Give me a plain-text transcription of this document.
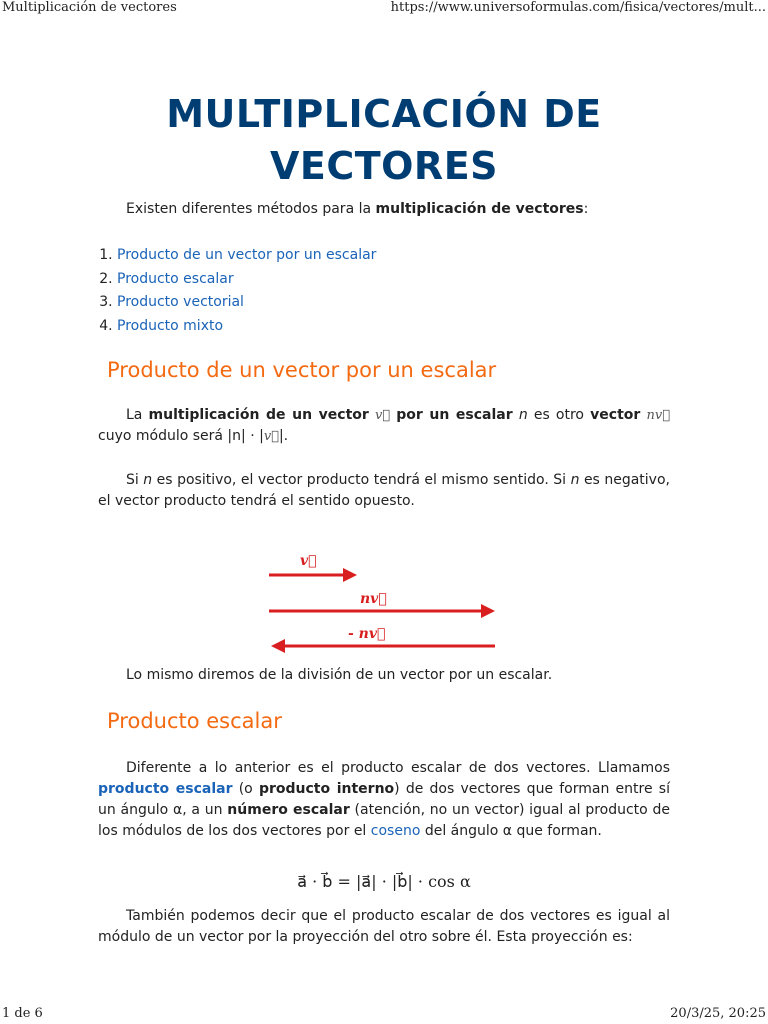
Multiplicación de vectores	https://www.universoformulas.com/fisica/vectores/mult...
MULTIPLICACIÓN DE
VECTORES

Existen diferentes métodos para la multiplicación de vectores:

1. Producto de un vector por un escalar
2. Producto escalar
3. Producto vectorial
4. Producto mixto
Producto de un vector por un escalar

La multiplicación de un vector v⃗ por un escalar n es otro vector nv⃗ cuyo módulo será |n| · |v⃗|.

Si n es positivo, el vector producto tendrá el mismo sentido. Si n es negativo, el vector producto tendrá el sentido opuesto.

v⃗
nv⃗
- nv⃗

Lo mismo diremos de la división de un vector por un escalar.

Producto escalar

Diferente a lo anterior es el producto escalar de dos vectores. Llamamos producto escalar (o producto interno) de dos vectores que forman entre sí un ángulo α, a un número escalar (atención, no un vector) igual al producto de los módulos de los dos vectores por el coseno del ángulo α que forman.

a⃗ · b⃗ = |a⃗| · |b⃗| · cos α

También podemos decir que el producto escalar de dos vectores es igual al módulo de un vector por la proyección del otro sobre él. Esta proyección es:

1 de 6	20/3/25, 20:25
